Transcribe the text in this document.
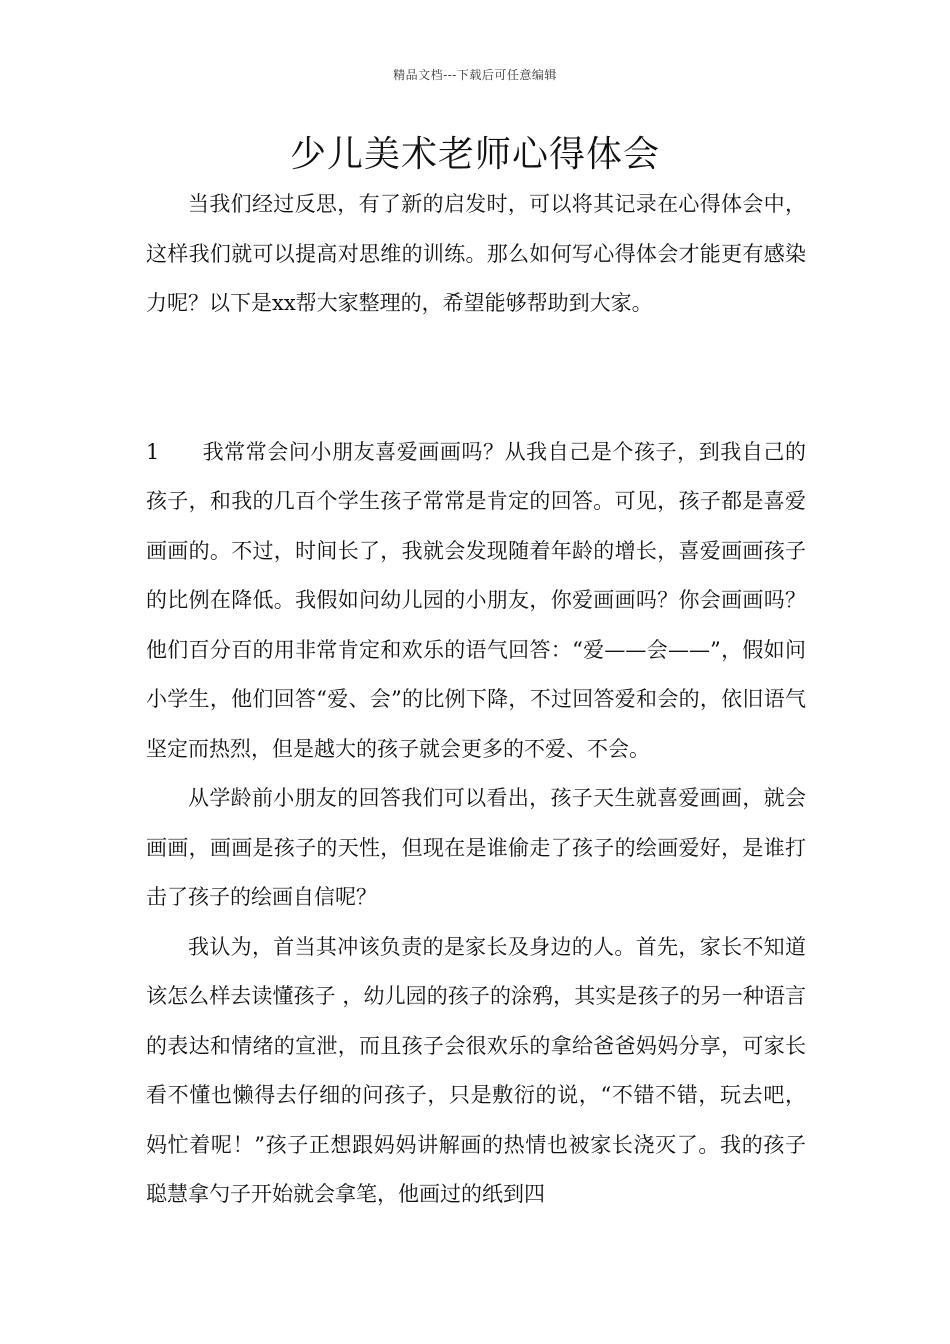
精品文档---下载后可任意编辑
少儿美术老师心得体会

当我们经过反思，有了新的启发时，可以将其记录在心得体会中，这样我们就可以提高对思维的训练。那么如何写心得体会才能更有感染力呢？以下是xx帮大家整理的，希望能够帮助到大家。

1 我常常会问小朋友喜爱画画吗？从我自己是个孩子，到我自己的孩子，和我的几百个学生孩子常常是肯定的回答。可见，孩子都是喜爱画画的。不过，时间长了，我就会发现随着年龄的增长，喜爱画画孩子的比例在降低。我假如问幼儿园的小朋友，你爱画画吗？你会画画吗？他们百分百的用非常肯定和欢乐的语气回答：“爱——会——”，假如问小学生，他们回答“爱、会”的比例下降，不过回答爱和会的，依旧语气坚定而热烈，但是越大的孩子就会更多的不爱、不会。

从学龄前小朋友的回答我们可以看出，孩子天生就喜爱画画，就会画画，画画是孩子的天性，但现在是谁偷走了孩子的绘画爱好，是谁打击了孩子的绘画自信呢？

我认为，首当其冲该负责的是家长及身边的人。首先，家长不知道该怎么样去读懂孩子 ，幼儿园的孩子的涂鸦，其实是孩子的另一种语言的表达和情绪的宣泄，而且孩子会很欢乐的拿给爸爸妈妈分享，可家长看不懂也懒得去仔细的问孩子，只是敷衍的说，“不错不错，玩去吧，妈忙着呢！”孩子正想跟妈妈讲解画的热情也被家长浇灭了。我的孩子聪慧拿勺子开始就会拿笔，他画过的纸到四
